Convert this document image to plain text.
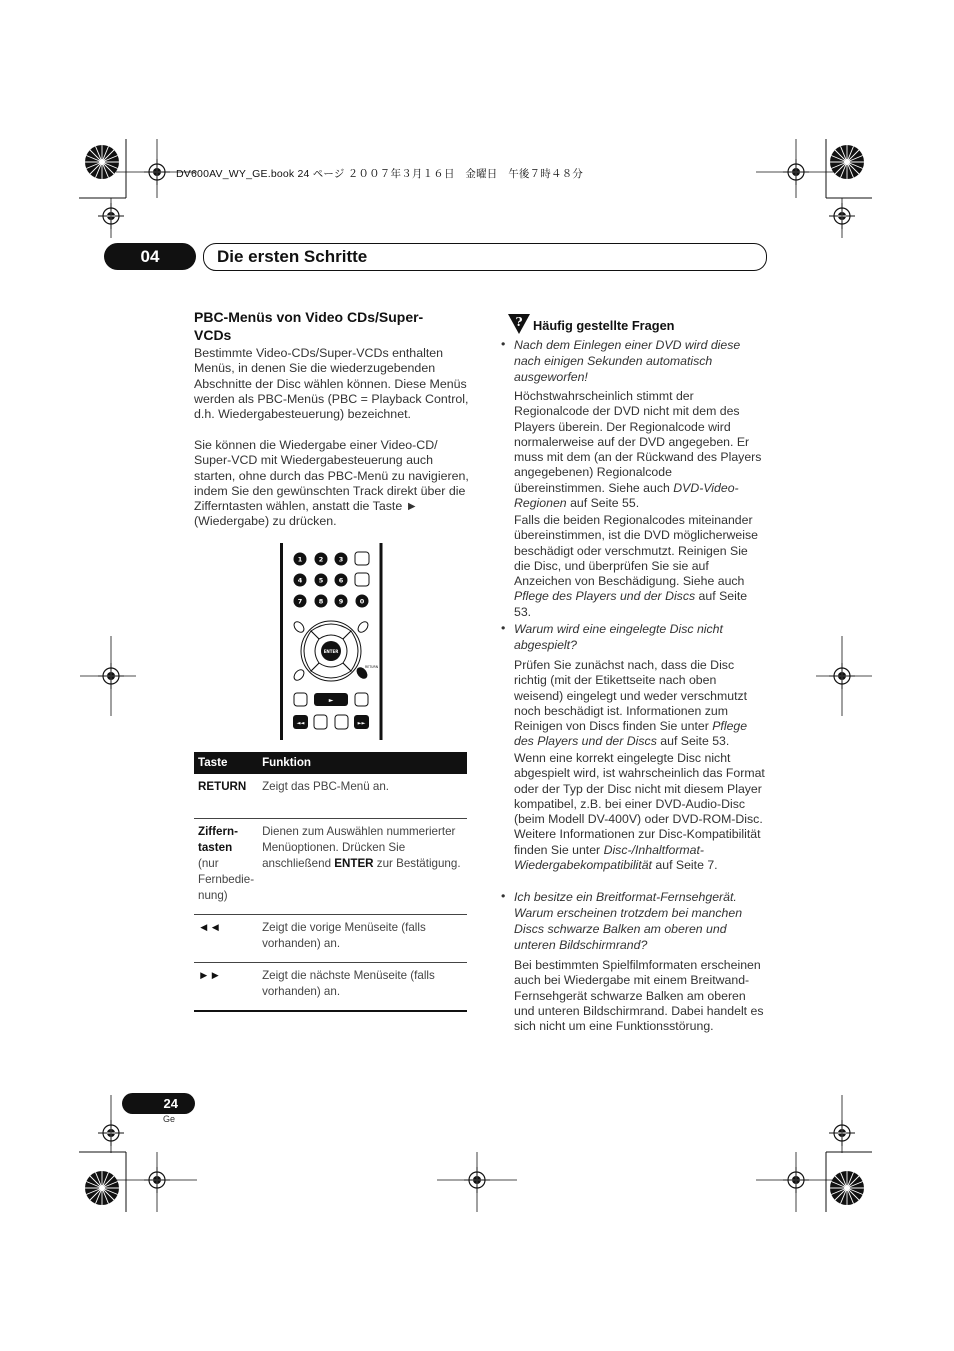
DV600AV_WY_GE.book 24 ページ ２００７年３月１６日　金曜日　午後７時４８分
04	Die ersten Schritte
PBC-Menüs von Video CDs/Super-VCDs
Bestimmte Video-CDs/Super-VCDs enthalten Menüs, in denen Sie die wiederzugebenden Abschnitte der Disc wählen können. Diese Menüs werden als PBC-Menüs (PBC = Playback Control, d.h. Wiedergabesteuerung) bezeichnet.
Sie können die Wiedergabe einer Video-CD/ Super-VCD mit Wiedergabesteuerung auch starten, ohne durch das PBC-Menü zu navigieren, indem Sie den gewünschten Track direkt über die Zifferntasten wählen, anstatt die Taste ► (Wiedergabe) zu drücken.
1	2 3
4	5 6
7	8 9	0
RETURN
ENTER
►
◄◄	►►
Taste	Funktion
RETURN	Zeigt das PBC-Menü an.
Ziffern-tasten
(nur Fernbedie-nung)	Dienen zum Auswählen nummerierter Menüoptionen. Drücken Sie anschließend ENTER zur Bestätigung.
◄◄	Zeigt die vorige Menüseite (falls vorhanden) an.
►►	Zeigt die nächste Menüseite (falls vorhanden) an.
? Häufig gestellte Fragen
• Nach dem Einlegen einer DVD wird diese nach einigen Sekunden automatisch ausgeworfen!
Höchstwahrscheinlich stimmt der Regionalcode der DVD nicht mit dem des Players überein. Der Regionalcode wird normalerweise auf der DVD angegeben. Er muss mit dem (an der Rückwand des Players angegebenen) Regionalcode übereinstimmen. Siehe auch DVD-Video-Regionen auf Seite 55.
Falls die beiden Regionalcodes miteinander übereinstimmen, ist die DVD möglicherweise beschädigt oder verschmutzt. Reinigen Sie die Disc, und überprüfen Sie sie auf Anzeichen von Beschädigung. Siehe auch Pflege des Players und der Discs auf Seite 53.
• Warum wird eine eingelegte Disc nicht abgespielt?
Prüfen Sie zunächst nach, dass die Disc richtig (mit der Etikettseite nach oben weisend) eingelegt und weder verschmutzt noch beschädigt ist. Informationen zum Reinigen von Discs finden Sie unter Pflege des Players und der Discs auf Seite 53.
Wenn eine korrekt eingelegte Disc nicht abgespielt wird, ist wahrscheinlich das Format oder der Typ der Disc nicht mit diesem Player kompatibel, z.B. bei einer DVD-Audio-Disc (beim Modell DV-400V) oder DVD-ROM-Disc. Weitere Informationen zur Disc-Kompatibilität finden Sie unter Disc-/Inhaltformat-Wiedergabekompatibilität auf Seite 7.
• Ich besitze ein Breitformat-Fernsehgerät. Warum erscheinen trotzdem bei manchen Discs schwarze Balken am oberen und unteren Bildschirmrand?
Bei bestimmten Spielfilmformaten erscheinen auch bei Wiedergabe mit einem Breitwand-Fernsehgerät schwarze Balken am oberen und unteren Bildschirmrand. Dabei handelt es sich nicht um eine Funktionsstörung.
24
Ge
